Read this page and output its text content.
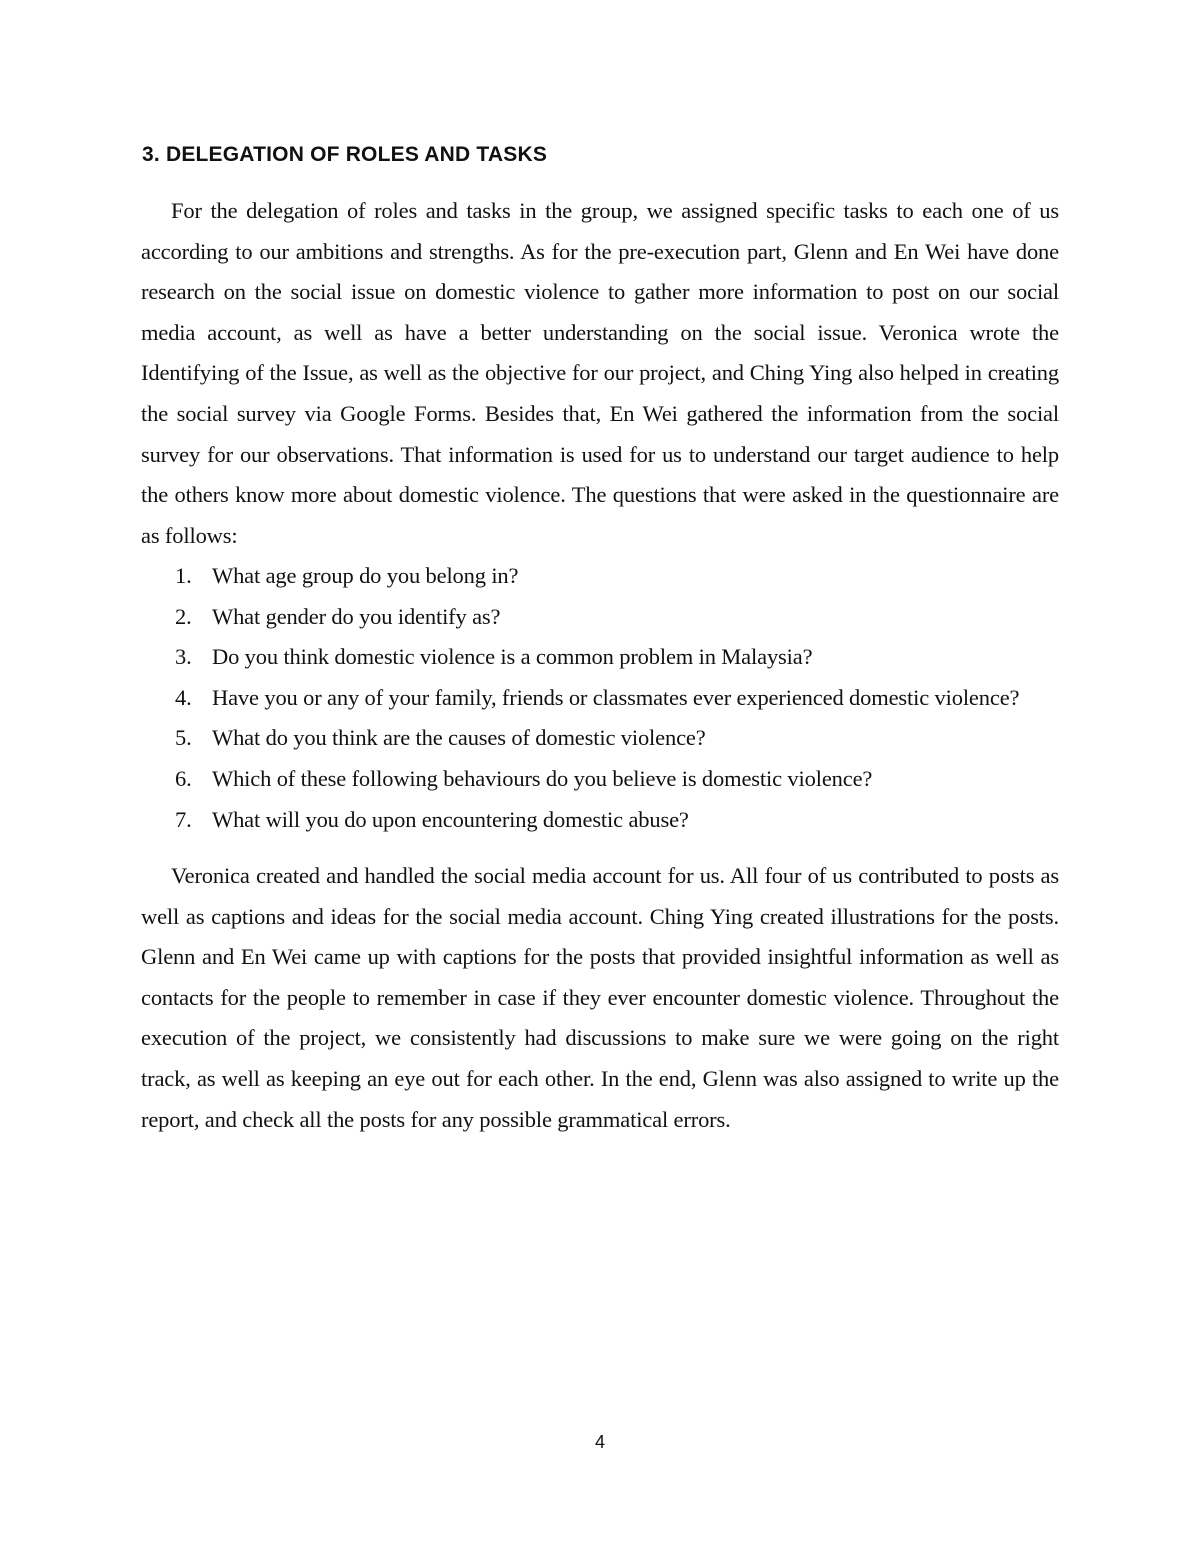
3. DELEGATION OF ROLES AND TASKS

For the delegation of roles and tasks in the group, we assigned specific tasks to each one of us according to our ambitions and strengths. As for the pre-execution part, Glenn and En Wei have done research on the social issue on domestic violence to gather more information to post on our social media account, as well as have a better understanding on the social issue. Veronica wrote the Identifying of the Issue, as well as the objective for our project, and Ching Ying also helped in creating the social survey via Google Forms. Besides that, En Wei gathered the information from the social survey for our observations. That information is used for us to understand our target audience to help the others know more about domestic violence. The questions that were asked in the questionnaire are as follows:

1. What age group do you belong in?
2. What gender do you identify as?
3. Do you think domestic violence is a common problem in Malaysia?
4. Have you or any of your family, friends or classmates ever experienced domestic violence?
5. What do you think are the causes of domestic violence?
6. Which of these following behaviours do you believe is domestic violence?
7. What will you do upon encountering domestic abuse?

Veronica created and handled the social media account for us. All four of us contributed to posts as well as captions and ideas for the social media account. Ching Ying created illustrations for the posts. Glenn and En Wei came up with captions for the posts that provided insightful information as well as contacts for the people to remember in case if they ever encounter domestic violence. Throughout the execution of the project, we consistently had discussions to make sure we were going on the right track, as well as keeping an eye out for each other. In the end, Glenn was also assigned to write up the report, and check all the posts for any possible grammatical errors.

4
